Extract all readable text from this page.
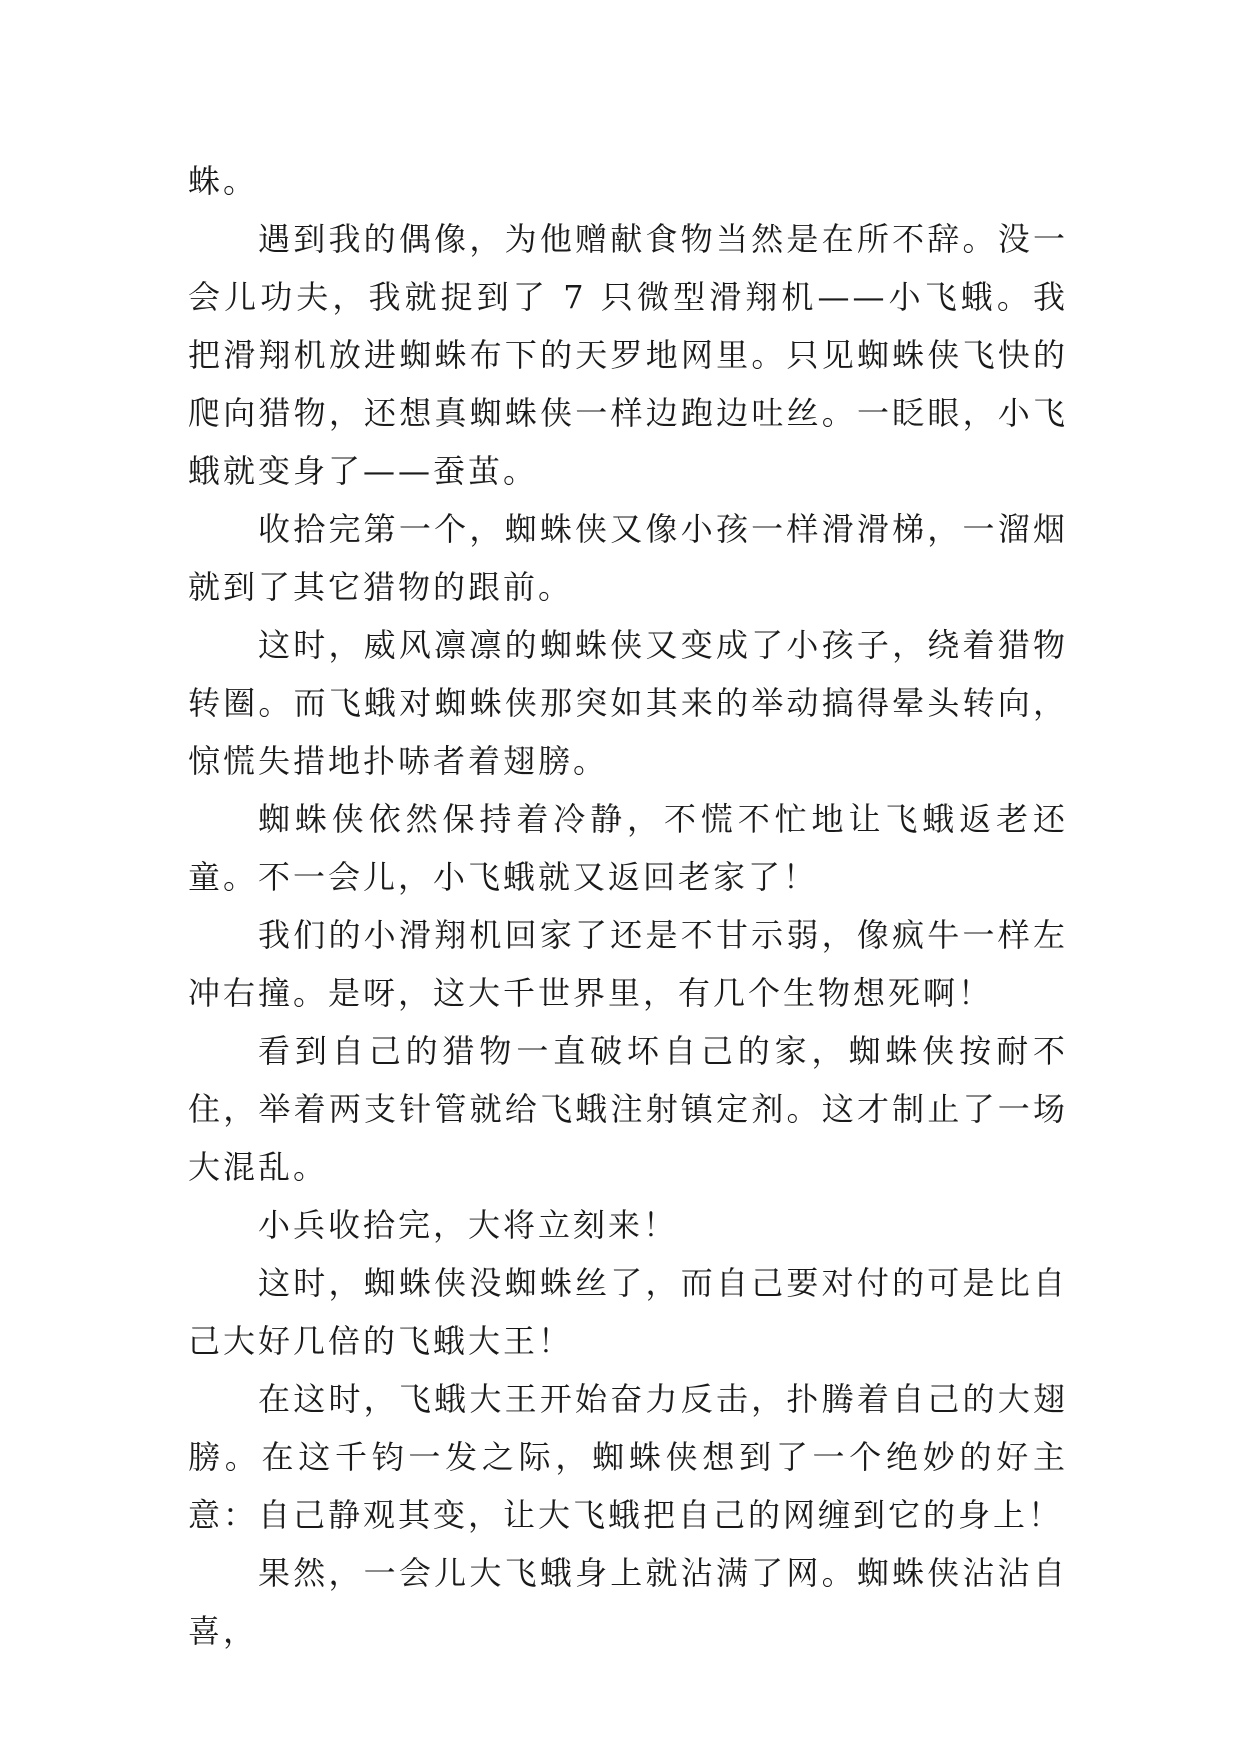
蛛。

遇到我的偶像，为他赠献食物当然是在所不辞。没一会儿功夫，我就捉到了 7 只微型滑翔机——小飞蛾。我把滑翔机放进蜘蛛布下的天罗地网里。只见蜘蛛侠飞快的爬向猎物，还想真蜘蛛侠一样边跑边吐丝。一眨眼，小飞蛾就变身了——蚕茧。

收拾完第一个，蜘蛛侠又像小孩一样滑滑梯，一溜烟就到了其它猎物的跟前。

这时，威风凛凛的蜘蛛侠又变成了小孩子，绕着猎物转圈。而飞蛾对蜘蛛侠那突如其来的举动搞得晕头转向，惊慌失措地扑哧者着翅膀。

蜘蛛侠依然保持着冷静，不慌不忙地让飞蛾返老还童。不一会儿，小飞蛾就又返回老家了！

我们的小滑翔机回家了还是不甘示弱，像疯牛一样左冲右撞。是呀，这大千世界里，有几个生物想死啊！

看到自己的猎物一直破坏自己的家，蜘蛛侠按耐不住，举着两支针管就给飞蛾注射镇定剂。这才制止了一场大混乱。

小兵收拾完，大将立刻来！

这时，蜘蛛侠没蜘蛛丝了，而自己要对付的可是比自己大好几倍的飞蛾大王！

在这时，飞蛾大王开始奋力反击，扑腾着自己的大翅膀。在这千钧一发之际，蜘蛛侠想到了一个绝妙的好主意：自己静观其变，让大飞蛾把自己的网缠到它的身上！

果然，一会儿大飞蛾身上就沾满了网。蜘蛛侠沾沾自喜，
